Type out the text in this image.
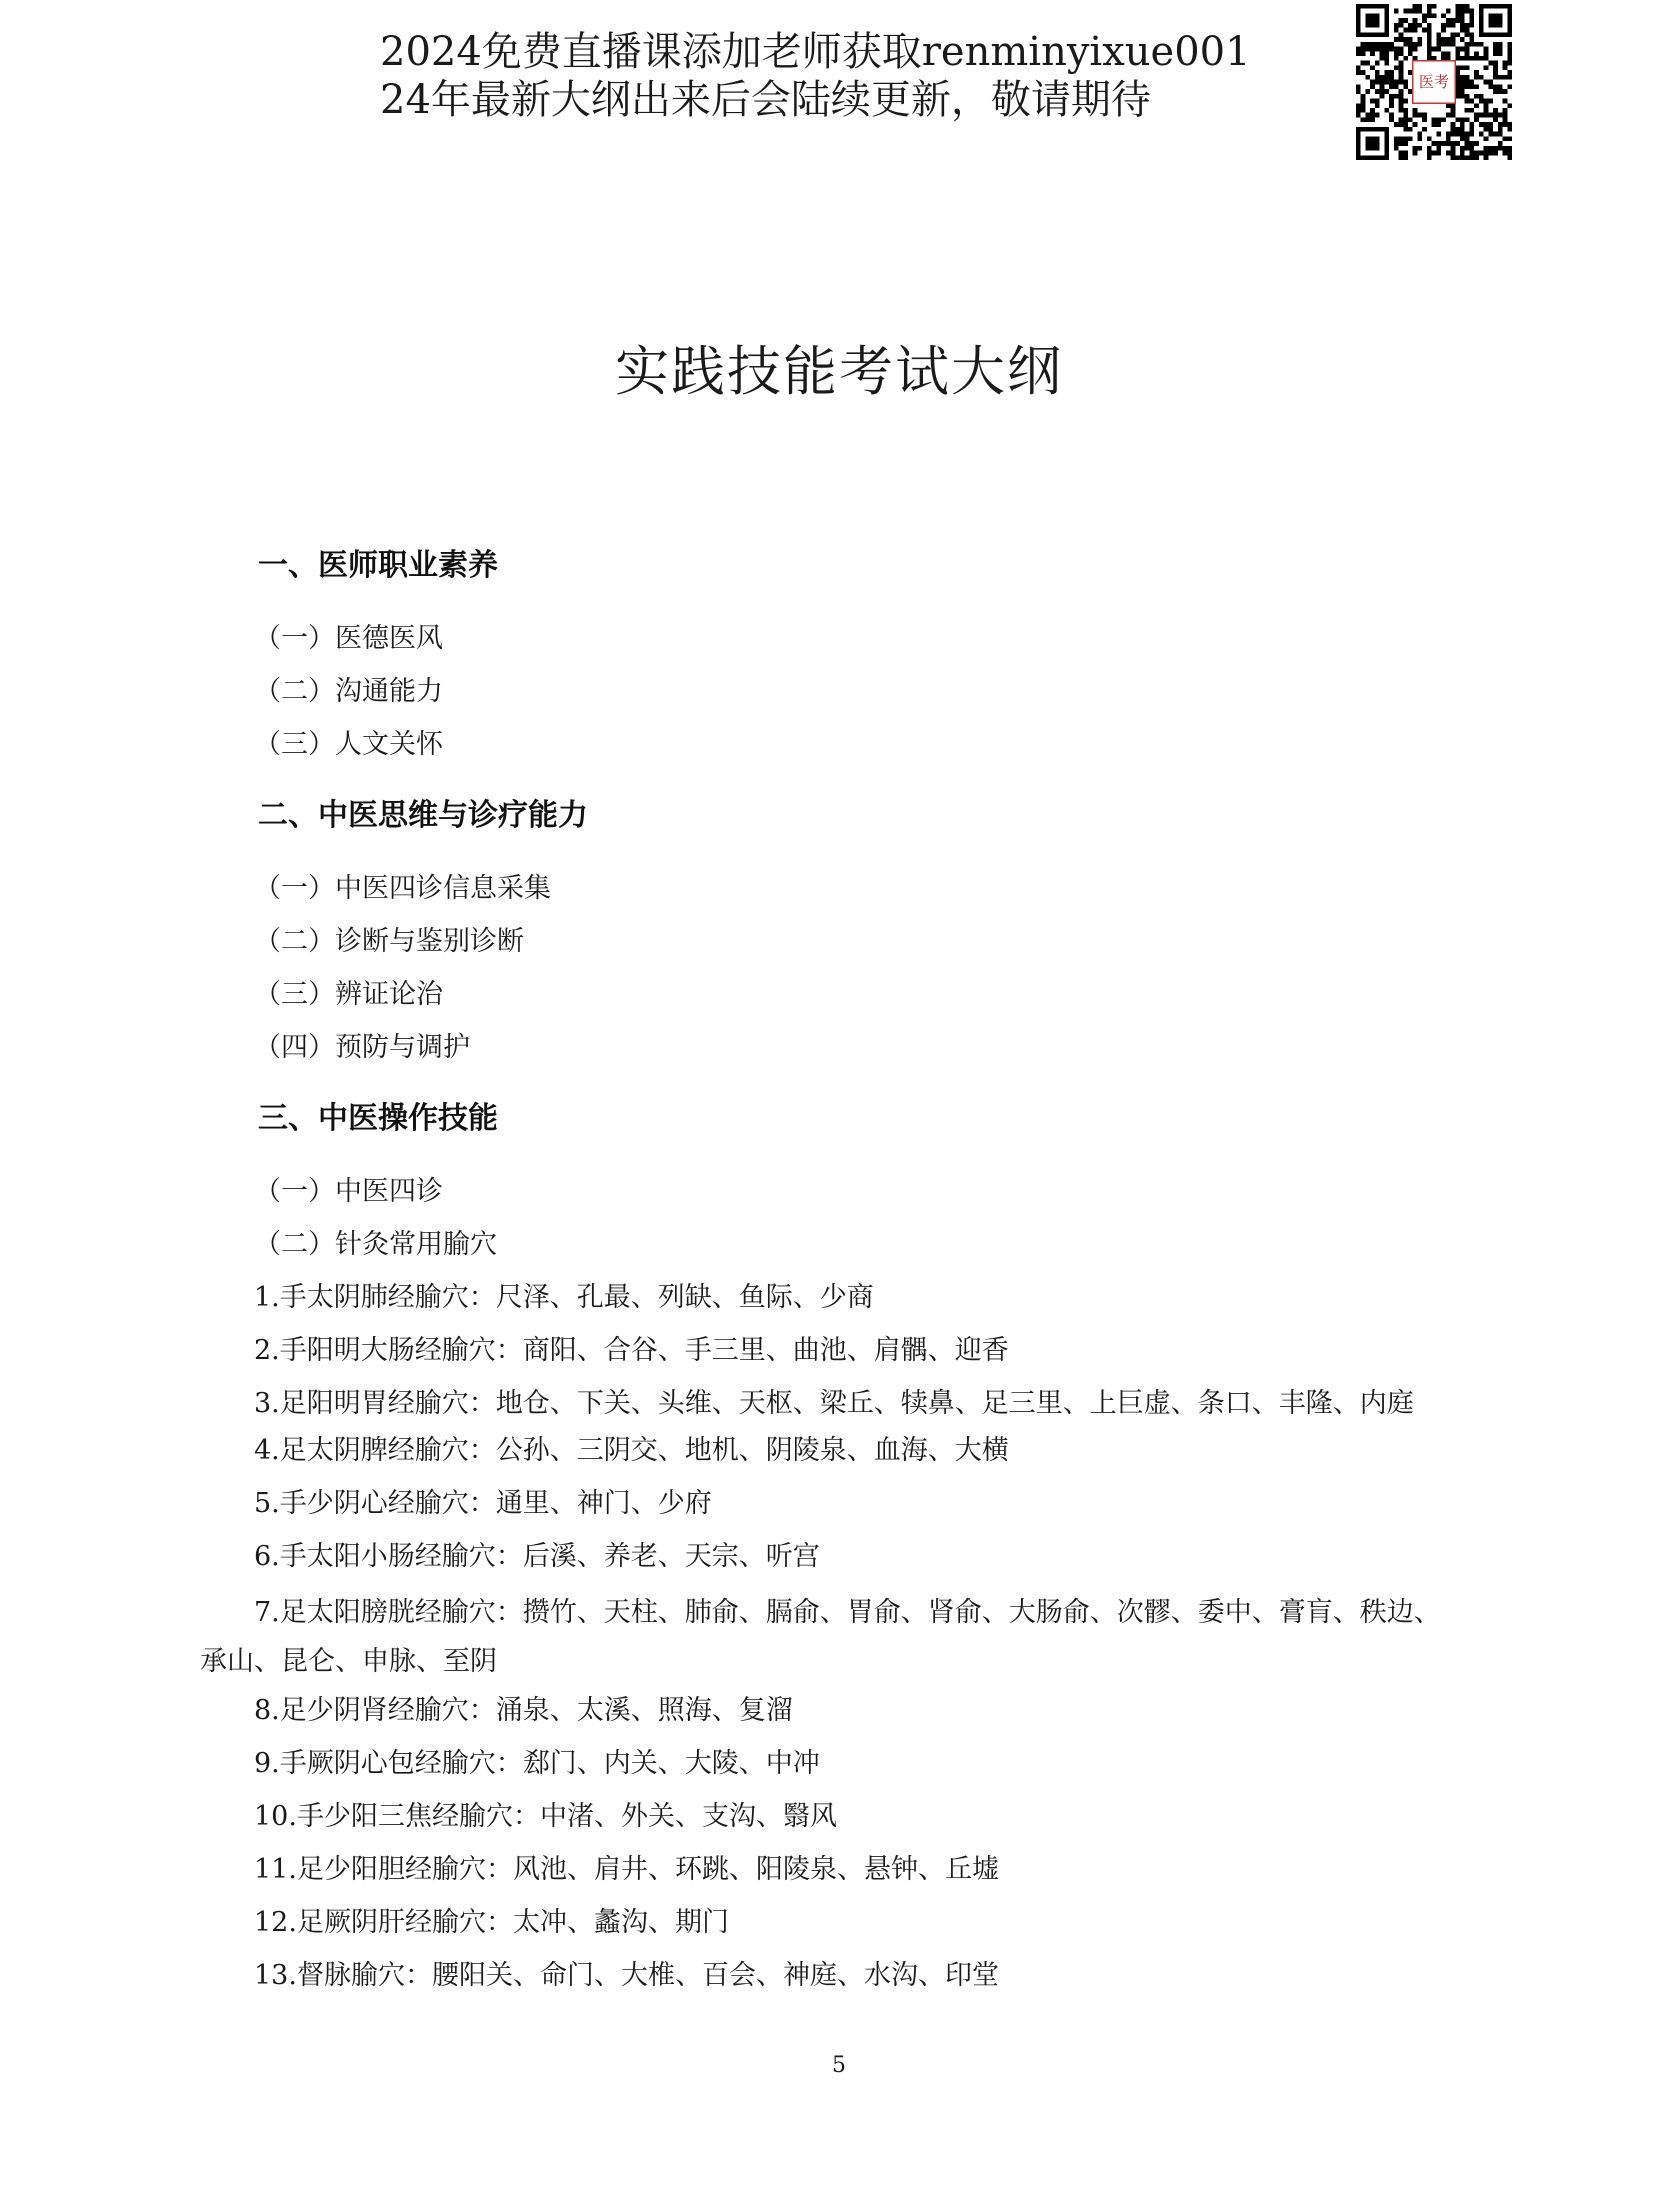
2024免费直播课添加老师获取renminyixue001
24年最新大纲出来后会陆续更新，敬请期待	医考
实践技能考试大纲
一、医师职业素养
（一）医德医风
（二）沟通能力
（三）人文关怀
二、中医思维与诊疗能力
（一）中医四诊信息采集
（二）诊断与鉴别诊断
（三）辨证论治
（四）预防与调护
三、中医操作技能
（一）中医四诊
（二）针灸常用腧穴
1.手太阴肺经腧穴：尺泽、孔最、列缺、鱼际、少商
2.手阳明大肠经腧穴：商阳、合谷、手三里、曲池、肩髃、迎香
3.足阳明胃经腧穴：地仓、下关、头维、天枢、梁丘、犊鼻、足三里、上巨虚、条口、丰隆、内庭
4.足太阴脾经腧穴：公孙、三阴交、地机、阴陵泉、血海、大横
5.手少阴心经腧穴：通里、神门、少府
6.手太阳小肠经腧穴：后溪、养老、天宗、听宫
7.足太阳膀胱经腧穴：攒竹、天柱、肺俞、膈俞、胃俞、肾俞、大肠俞、次髎、委中、膏肓、秩边、
承山、昆仑、申脉、至阴
8.足少阴肾经腧穴：涌泉、太溪、照海、复溜
9.手厥阴心包经腧穴：郄门、内关、大陵、中冲
10.手少阳三焦经腧穴：中渚、外关、支沟、翳风
11.足少阳胆经腧穴：风池、肩井、环跳、阳陵泉、悬钟、丘墟
12.足厥阴肝经腧穴：太冲、蠡沟、期门
13.督脉腧穴：腰阳关、命门、大椎、百会、神庭、水沟、印堂
5
